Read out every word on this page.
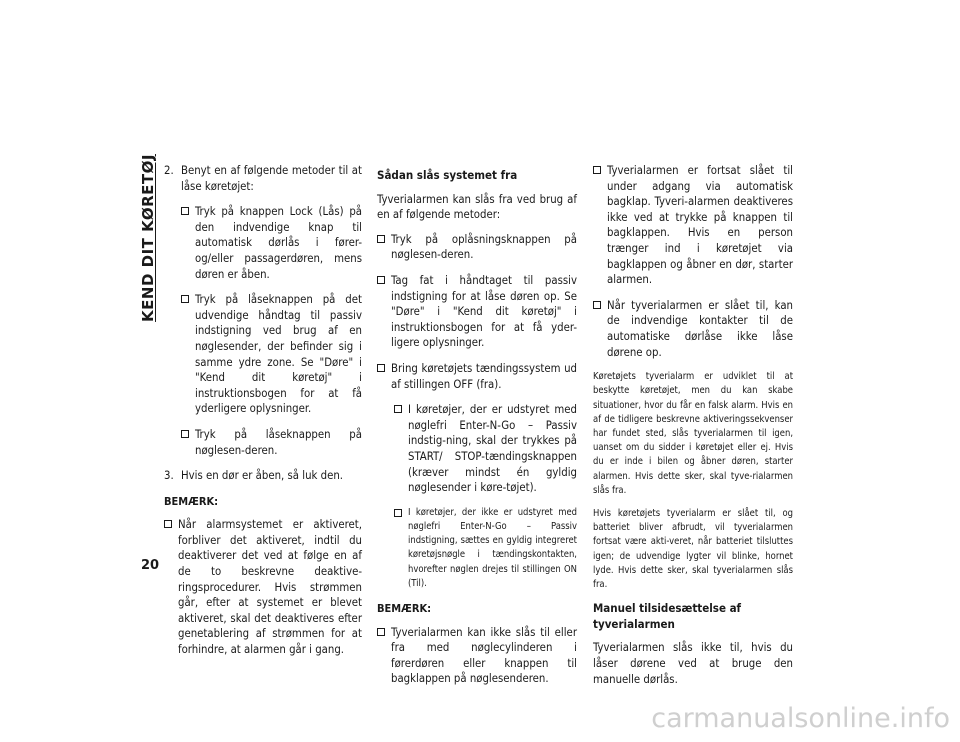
KEND DIT KØRETØJ
20
2. Benyt en af følgende metoder til at låse køretøjet:

Tryk på knappen Lock (Lås) på den indvendige knap til automatisk dørlås i fører- og/eller passagerdøren, mens døren er åben.

Tryk på låseknappen på det udvendige håndtag til passiv indstigning ved brug af en nøglesender, der befinder sig i samme ydre zone. Se "Døre" i "Kend dit køretøj" i instruktionsbogen for at få yderligere oplysninger.

Tryk på låseknappen på nøglesen-deren.

3. Hvis en dør er åben, så luk den.

BEMÆRK:

Når alarmsystemet er aktiveret, forbliver det aktiveret, indtil du deaktiverer det ved at følge en af de to beskrevne deaktive-ringsprocedurer. Hvis strømmen går, efter at systemet er blevet aktiveret, skal det deaktiveres efter genetablering af strømmen for at forhindre, at alarmen går i gang.

Sådan slås systemet fra

Tyverialarmen kan slås fra ved brug af en af følgende metoder:

Tryk på oplåsningsknappen på nøglesen-deren.

Tag fat i håndtaget til passiv indstigning for at låse døren op. Se "Døre" i "Kend dit køretøj" i instruktionsbogen for at få yder-ligere oplysninger.

Bring køretøjets tændingssystem ud af stillingen OFF (fra).

I køretøjer, der er udstyret med nøglefri Enter-N-Go – Passiv indstig-ning, skal der trykkes på START/ STOP-tændingsknappen (kræver mindst én gyldig nøglesender i køre-tøjet).

I køretøjer, der ikke er udstyret med nøglefri Enter-N-Go – Passiv indstigning, sættes en gyldig integreret køretøjsnøgle i tændingskontakten, hvorefter nøglen drejes til stillingen ON (Til).

BEMÆRK:

Tyverialarmen kan ikke slås til eller fra med nøglecylinderen i førerdøren eller knappen til bagklappen på nøglesenderen.

Tyverialarmen er fortsat slået til under adgang via automatisk bagklap. Tyveri-alarmen deaktiveres ikke ved at trykke på knappen til bagklappen. Hvis en person trænger ind i køretøjet via bagklappen og åbner en dør, starter alarmen.

Når tyverialarmen er slået til, kan de indvendige kontakter til de automatiske dørlåse ikke låse dørene op.

Køretøjets tyverialarm er udviklet til at beskytte køretøjet, men du kan skabe situationer, hvor du får en falsk alarm. Hvis en af de tidligere beskrevne aktiveringssekvenser har fundet sted, slås tyverialarmen til igen, uanset om du sidder i køretøjet eller ej. Hvis du er inde i bilen og åbner døren, starter alarmen. Hvis dette sker, skal tyve-rialarmen slås fra.

Hvis køretøjets tyverialarm er slået til, og batteriet bliver afbrudt, vil tyverialarmen fortsat være akti-veret, når batteriet tilsluttes igen; de udvendige lygter vil blinke, hornet lyde. Hvis dette sker, skal tyverialarmen slås fra.

Manuel tilsidesættelse af tyverialarmen

Tyverialarmen slås ikke til, hvis du låser dørene ved at bruge den manuelle dørlås.

carmanualsonline.info
